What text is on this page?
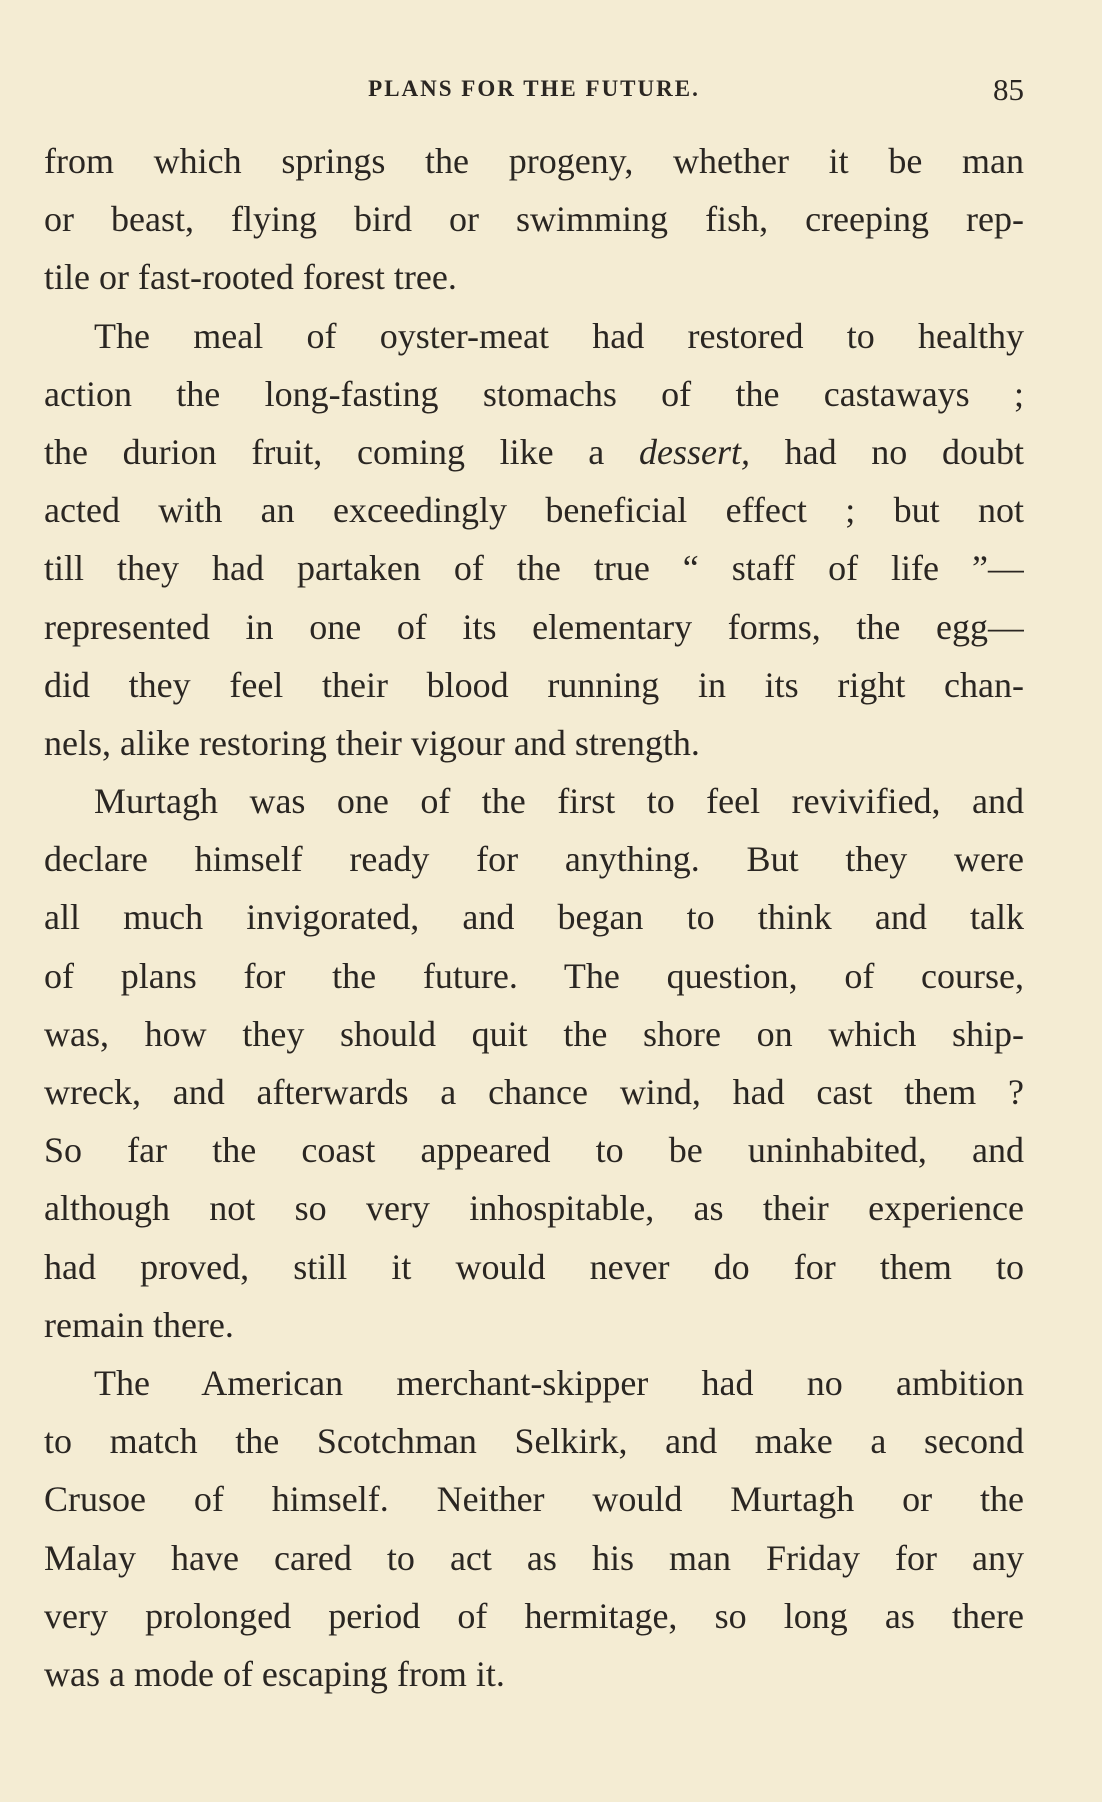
PLANS FOR THE FUTURE.	85
from which springs the progeny, whether it be man
or beast, flying bird or swimming fish, creeping rep-
tile or fast-rooted forest tree.
The meal of oyster-meat had restored to healthy
action the long-fasting stomachs of the castaways ;
the durion fruit, coming like a dessert, had no doubt
acted with an exceedingly beneficial effect ; but not
till they had partaken of the true “ staff of life ”—
represented in one of its elementary forms, the egg—
did they feel their blood running in its right chan-
nels, alike restoring their vigour and strength.
Murtagh was one of the first to feel revivified, and
declare himself ready for anything. But they were
all much invigorated, and began to think and talk
of plans for the future. The question, of course,
was, how they should quit the shore on which ship-
wreck, and afterwards a chance wind, had cast them ?
So far the coast appeared to be uninhabited, and
although not so very inhospitable, as their experience
had proved, still it would never do for them to
remain there.
The American merchant-skipper had no ambition
to match the Scotchman Selkirk, and make a second
Crusoe of himself. Neither would Murtagh or the
Malay have cared to act as his man Friday for any
very prolonged period of hermitage, so long as there
was a mode of escaping from it.
